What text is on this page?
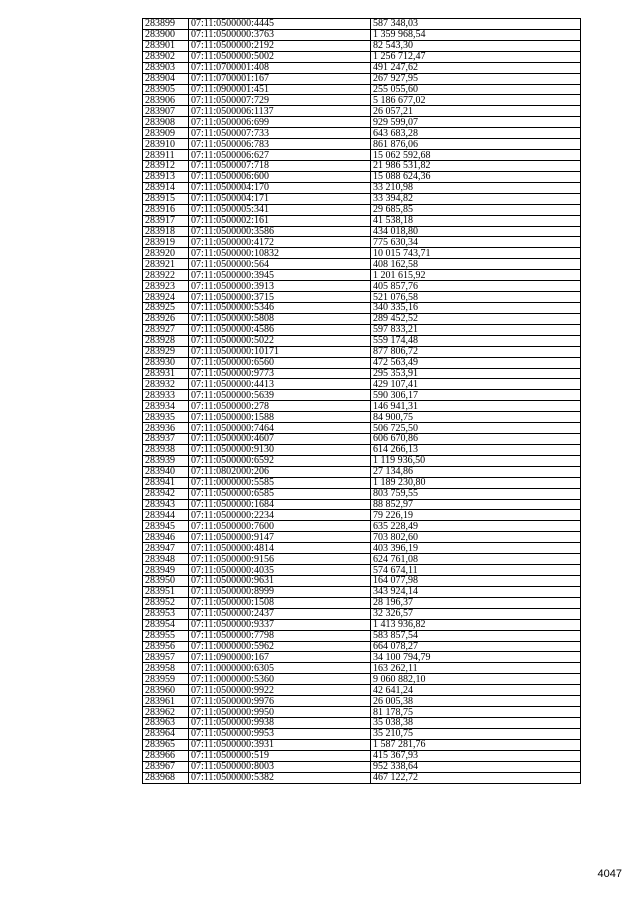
283899	07:11:0500000:4445	587 348,03
283900	07:11:0500000:3763	1 359 968,54
283901	07:11:0500000:2192	82 543,30
283902	07:11:0500000:5002	1 256 712,47
283903	07:11:0700001:408	491 247,62
283904	07:11:0700001:167	267 927,95
283905	07:11:0900001:451	255 055,60
283906	07:11:0500007:729	5 186 677,02
283907	07:11:0500006:1137	26 057,21
283908	07:11:0500006:699	929 599,07
283909	07:11:0500007:733	643 683,28
283910	07:11:0500006:783	861 876,06
283911	07:11:0500006:627	15 062 592,68
283912	07:11:0500007:718	21 986 531,82
283913	07:11:0500006:600	15 088 624,36
283914	07:11:0500004:170	33 210,98
283915	07:11:0500004:171	33 394,82
283916	07:11:0500005:341	29 685,85
283917	07:11:0500002:161	41 538,18
283918	07:11:0500000:3586	434 018,80
283919	07:11:0500000:4172	775 630,34
283920	07:11:0500000:10832	10 015 743,71
283921	07:11:0500000:564	408 162,58
283922	07:11:0500000:3945	1 201 615,92
283923	07:11:0500000:3913	405 857,76
283924	07:11:0500000:3715	521 076,58
283925	07:11:0500000:5346	340 335,16
283926	07:11:0500000:5808	289 452,52
283927	07:11:0500000:4586	597 833,21
283928	07:11:0500000:5022	559 174,48
283929	07:11:0500000:10171	877 806,72
283930	07:11:0500000:6560	472 563,49
283931	07:11:0500000:9773	295 353,91
283932	07:11:0500000:4413	429 107,41
283933	07:11:0500000:5639	590 306,17
283934	07:11:0500000:278	146 941,31
283935	07:11:0500000:1588	84 900,75
283936	07:11:0500000:7464	506 725,50
283937	07:11:0500000:4607	606 670,86
283938	07:11:0500000:9130	614 266,13
283939	07:11:0500000:6592	1 119 936,50
283940	07:11:0802000:206	27 134,86
283941	07:11:0000000:5585	1 189 230,80
283942	07:11:0500000:6585	803 759,55
283943	07:11:0500000:1684	88 852,97
283944	07:11:0500000:2234	79 226,19
283945	07:11:0500000:7600	635 228,49
283946	07:11:0500000:9147	703 802,60
283947	07:11:0500000:4814	403 396,19
283948	07:11:0500000:9156	624 761,08
283949	07:11:0500000:4035	574 674,11
283950	07:11:0500000:9631	164 077,98
283951	07:11:0500000:8999	343 924,14
283952	07:11:0500000:1508	28 196,37
283953	07:11:0500000:2437	32 326,57
283954	07:11:0500000:9337	1 413 936,82
283955	07:11:0500000:7798	583 857,54
283956	07:11:0000000:5962	664 078,27
283957	07:11:0900000:167	34 100 794,79
283958	07:11:0000000:6305	163 262,11
283959	07:11:0000000:5360	9 060 882,10
283960	07:11:0500000:9922	42 641,24
283961	07:11:0500000:9976	26 005,38
283962	07:11:0500000:9950	81 178,75
283963	07:11:0500000:9938	35 038,38
283964	07:11:0500000:9953	35 210,75
283965	07:11:0500000:3931	1 587 281,76
283966	07:11:0500000:519	415 367,93
283967	07:11:0500000:8003	952 338,64
283968	07:11:0500000:5382	467 122,72
4047
